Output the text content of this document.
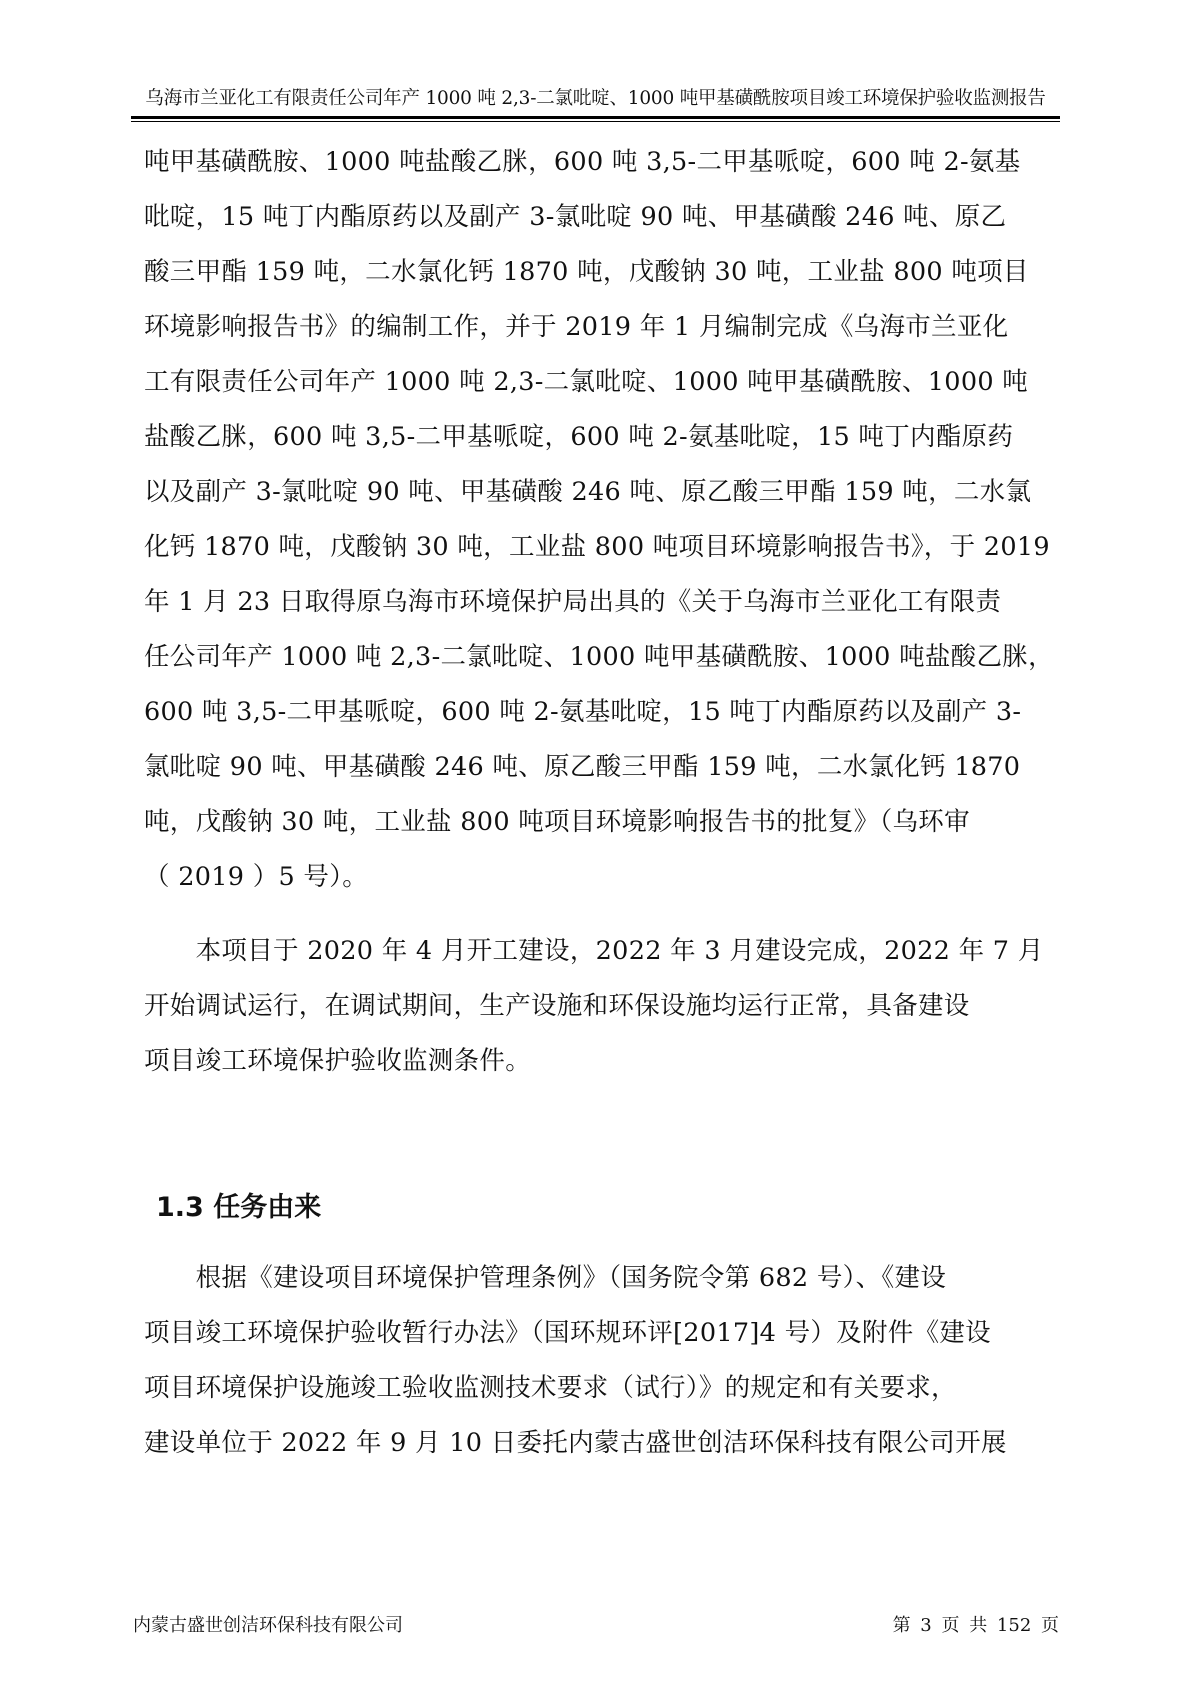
乌海市兰亚化工有限责任公司年产 1000 吨 2,3-二氯吡啶、1000 吨甲基磺酰胺项目竣工环境保护验收监测报告
吨甲基磺酰胺、1000 吨盐酸乙脒，600 吨 3,5-二甲基哌啶，600 吨 2-氨基
吡啶，15 吨丁内酯原药以及副产 3-氯吡啶 90 吨、甲基磺酸 246 吨、原乙
酸三甲酯 159 吨，二水氯化钙 1870 吨，戊酸钠 30 吨，工业盐 800 吨项目
环境影响报告书》的编制工作，并于 2019 年 1 月编制完成《乌海市兰亚化
工有限责任公司年产 1000 吨 2,3-二氯吡啶、1000 吨甲基磺酰胺、1000 吨
盐酸乙脒，600 吨 3,5-二甲基哌啶，600 吨 2-氨基吡啶，15 吨丁内酯原药
以及副产 3-氯吡啶 90 吨、甲基磺酸 246 吨、原乙酸三甲酯 159 吨，二水氯
化钙 1870 吨，戊酸钠 30 吨，工业盐 800 吨项目环境影响报告书》，于 2019
年 1 月 23 日取得原乌海市环境保护局出具的《关于乌海市兰亚化工有限责
任公司年产 1000 吨 2,3-二氯吡啶、1000 吨甲基磺酰胺、1000 吨盐酸乙脒，
600 吨 3,5-二甲基哌啶，600 吨 2-氨基吡啶，15 吨丁内酯原药以及副产 3-
氯吡啶 90 吨、甲基磺酸 246 吨、原乙酸三甲酯 159 吨，二水氯化钙 1870
吨，戊酸钠 30 吨，工业盐 800 吨项目环境影响报告书的批复》（乌环审
（ 2019 ）5 号）。
　　本项目于 2020 年 4 月开工建设，2022 年 3 月建设完成，2022 年 7 月
开始调试运行，在调试期间，生产设施和环保设施均运行正常，具备建设
项目竣工环境保护验收监测条件。
1.3 任务由来
　　根据《建设项目环境保护管理条例》（国务院令第 682 号）、《建设
项目竣工环境保护验收暂行办法》（国环规环评[2017]4 号）及附件《建设
项目环境保护设施竣工验收监测技术要求（试行）》的规定和有关要求，
建设单位于 2022 年 9 月 10 日委托内蒙古盛世创洁环保科技有限公司开展
内蒙古盛世创洁环保科技有限公司	第 3 页 共 152 页
